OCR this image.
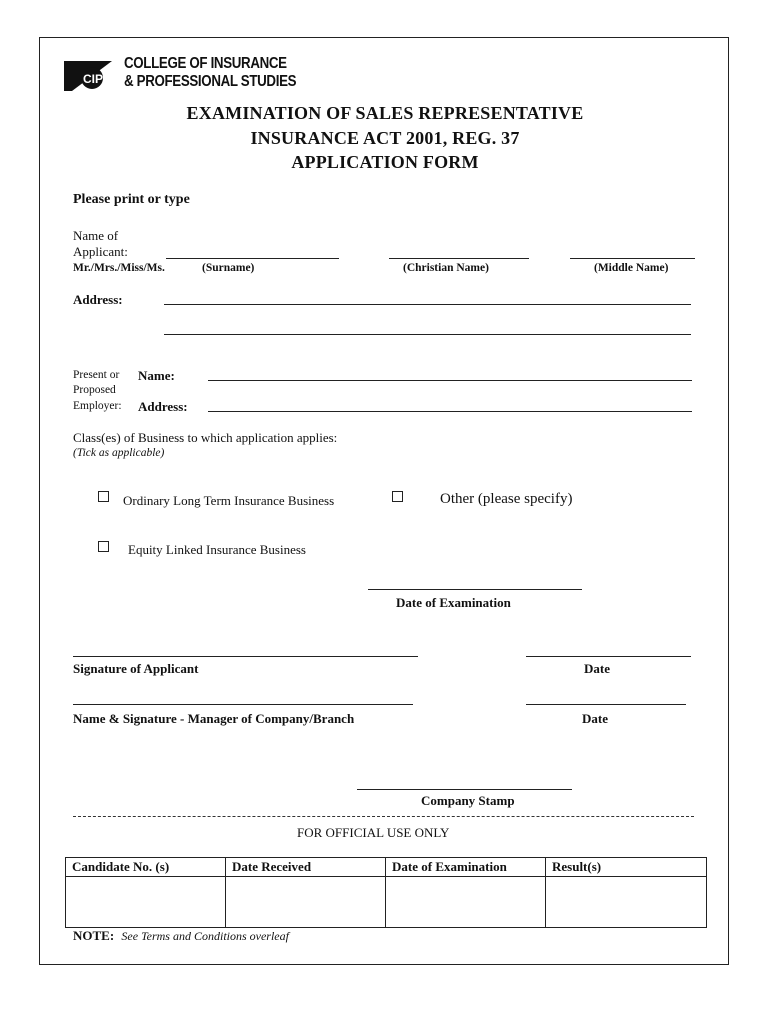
CIPS
COLLEGE OF INSURANCE
& PROFESSIONAL STUDIES
EXAMINATION OF SALES REPRESENTATIVE
INSURANCE ACT 2001, REG. 37
APPLICATION FORM
Please print or type
Name of
Applicant:
Mr./Mrs./Miss/Ms.	(Surname)	(Christian Name)	(Middle Name)
Address:
Present or
Proposed
Employer:
Name:
Address:
Class(es) of Business to which application applies:
(Tick as applicable)
Ordinary Long Term Insurance Business	Other (please specify)
Equity Linked Insurance Business
Date of Examination
Signature of Applicant	Date
Name & Signature - Manager of Company/Branch	Date
Company Stamp
FOR OFFICIAL USE ONLY
Candidate No. (s)	Date Received	Date of Examination	Result(s)

NOTE: See Terms and Conditions overleaf
